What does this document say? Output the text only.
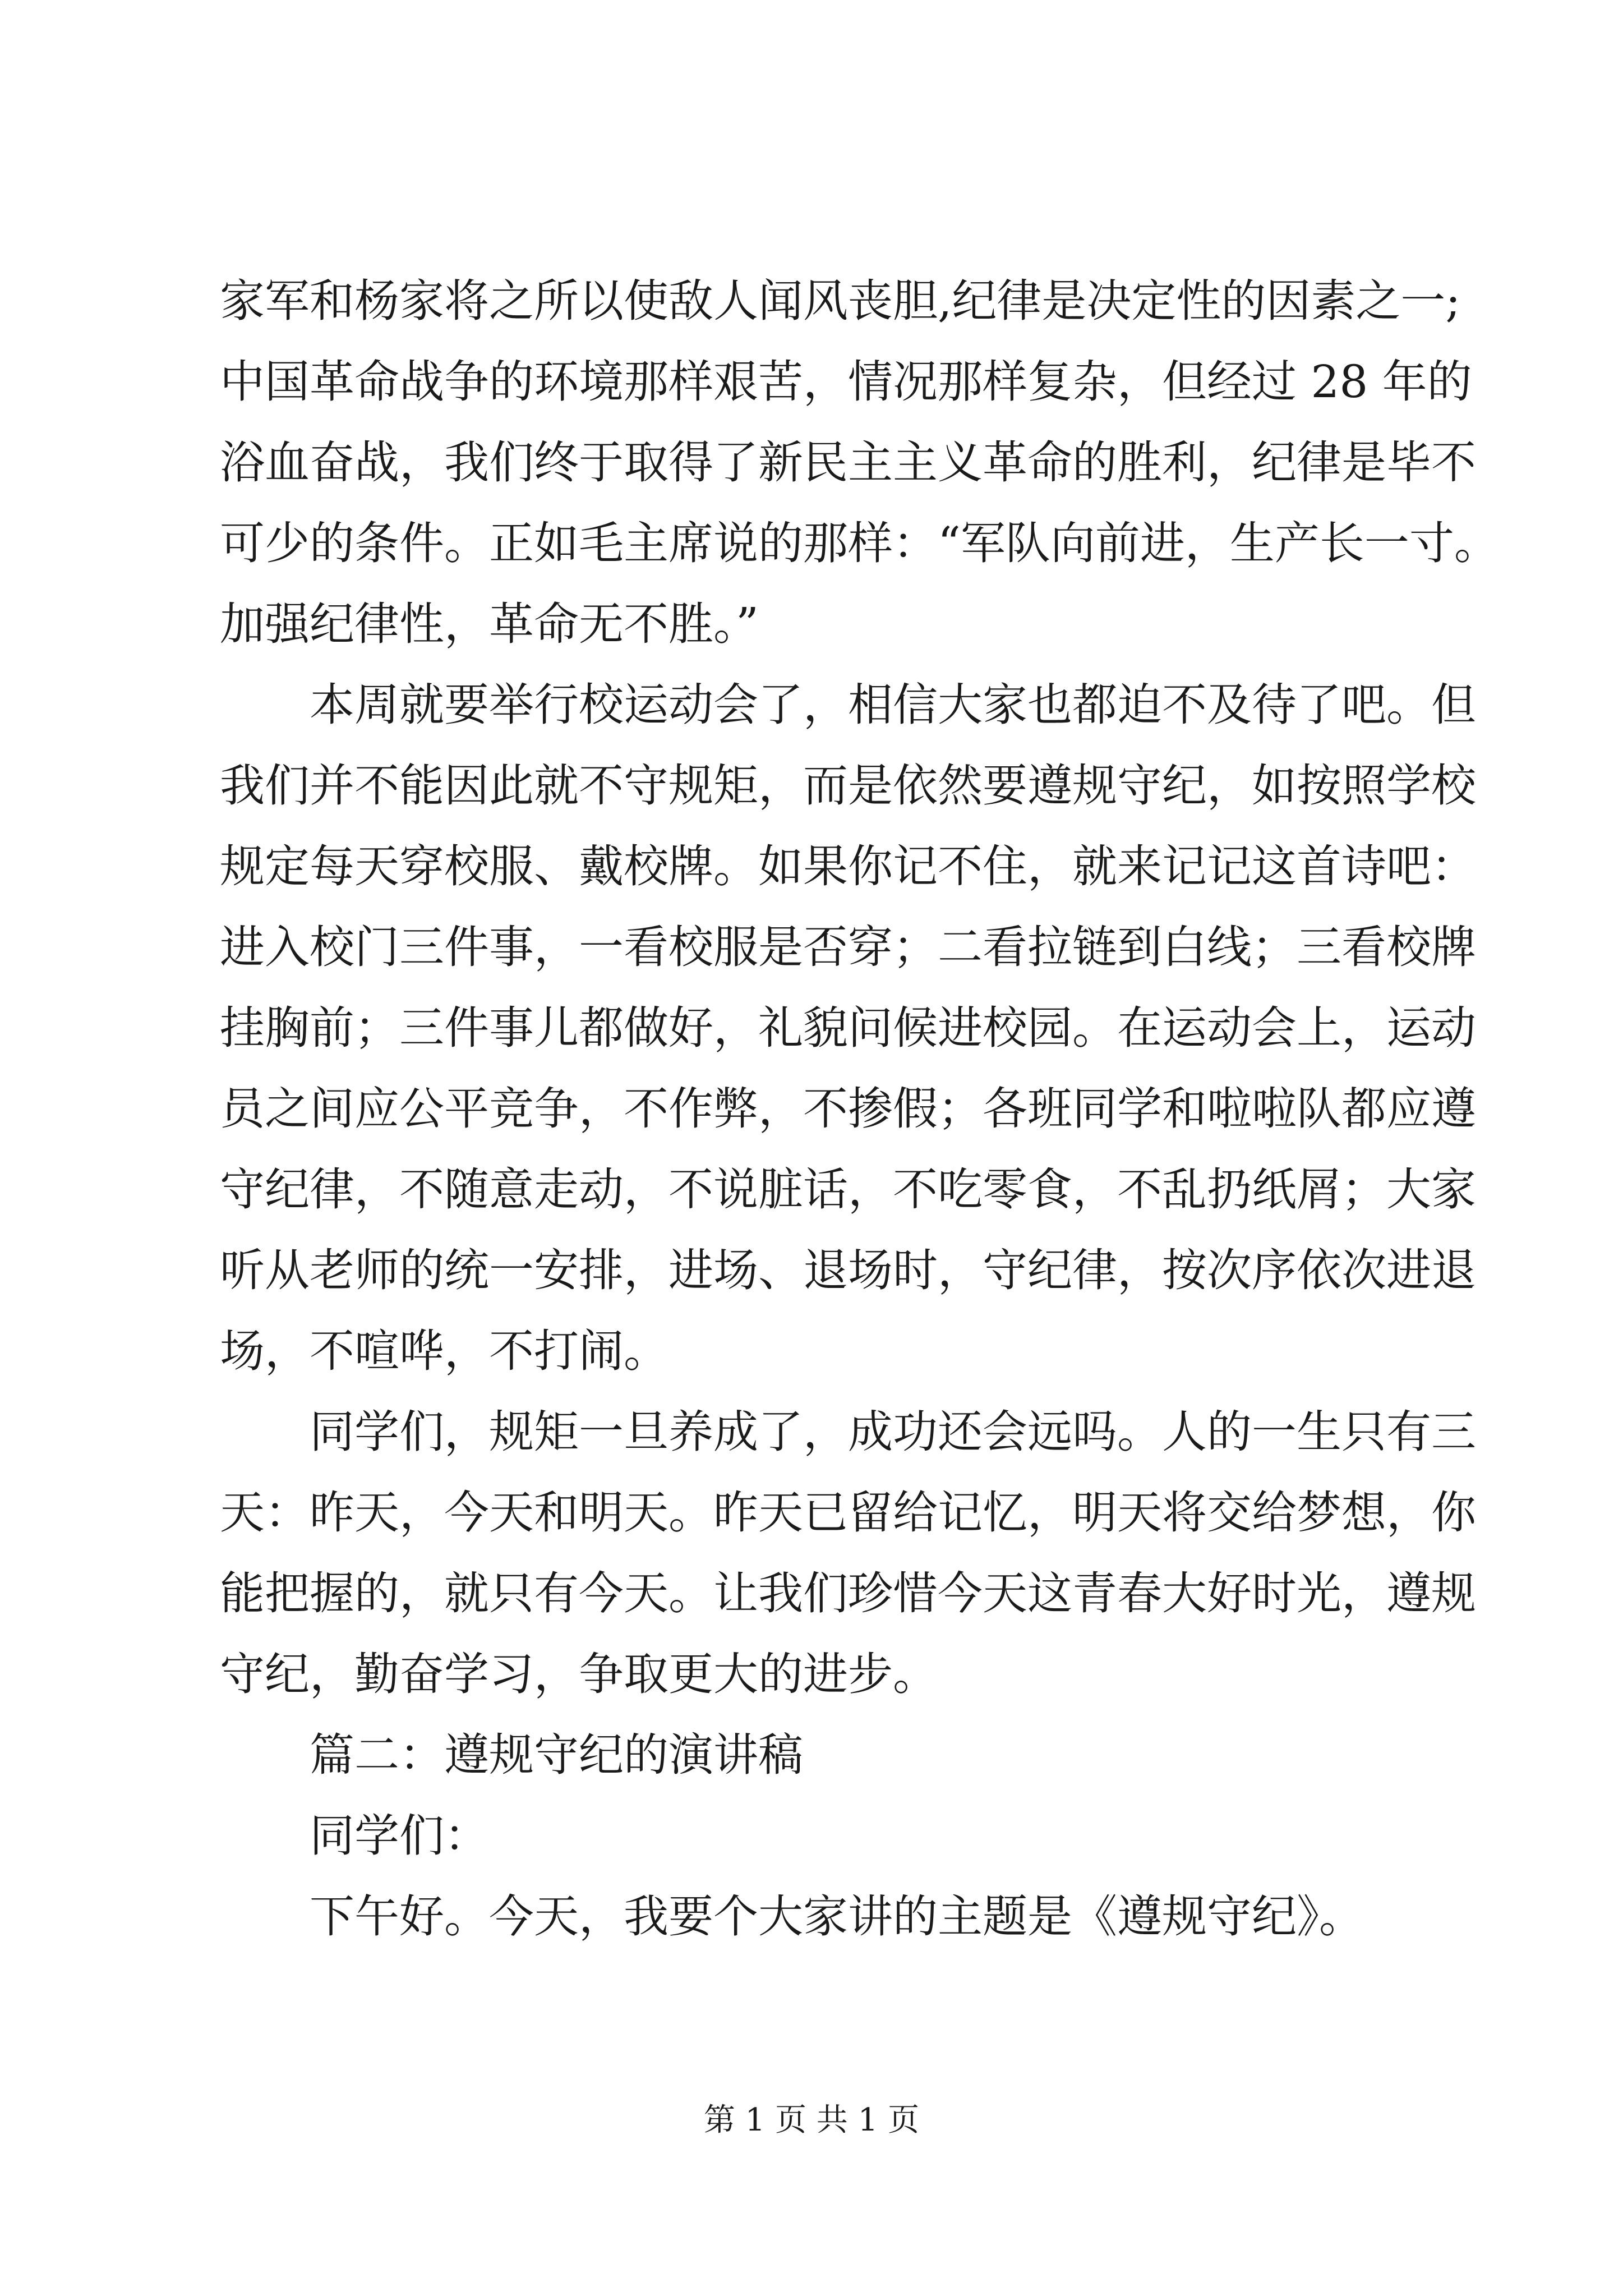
家军和杨家将之所以使敌人闻风丧胆,纪律是决定性的因素之一;
中国革命战争的环境那样艰苦，情况那样复杂，但经过 28 年的
浴血奋战，我们终于取得了新民主主义革命的胜利，纪律是毕不
可少的条件。正如毛主席说的那样：“军队向前进，生产长一寸。
加强纪律性，革命无不胜。”
本周就要举行校运动会了，相信大家也都迫不及待了吧。但
我们并不能因此就不守规矩，而是依然要遵规守纪，如按照学校
规定每天穿校服、戴校牌。如果你记不住，就来记记这首诗吧：
进入校门三件事，一看校服是否穿；二看拉链到白线；三看校牌
挂胸前；三件事儿都做好，礼貌问候进校园。在运动会上，运动
员之间应公平竞争，不作弊，不掺假；各班同学和啦啦队都应遵
守纪律，不随意走动，不说脏话，不吃零食，不乱扔纸屑；大家
听从老师的统一安排，进场、退场时，守纪律，按次序依次进退
场，不喧哗，不打闹。
同学们，规矩一旦养成了，成功还会远吗。人的一生只有三
天：昨天，今天和明天。昨天已留给记忆，明天将交给梦想，你
能把握的，就只有今天。让我们珍惜今天这青春大好时光，遵规
守纪，勤奋学习，争取更大的进步。
篇二：遵规守纪的演讲稿
同学们：
下午好。今天，我要个大家讲的主题是《遵规守纪》。
第 1 页 共 1 页
